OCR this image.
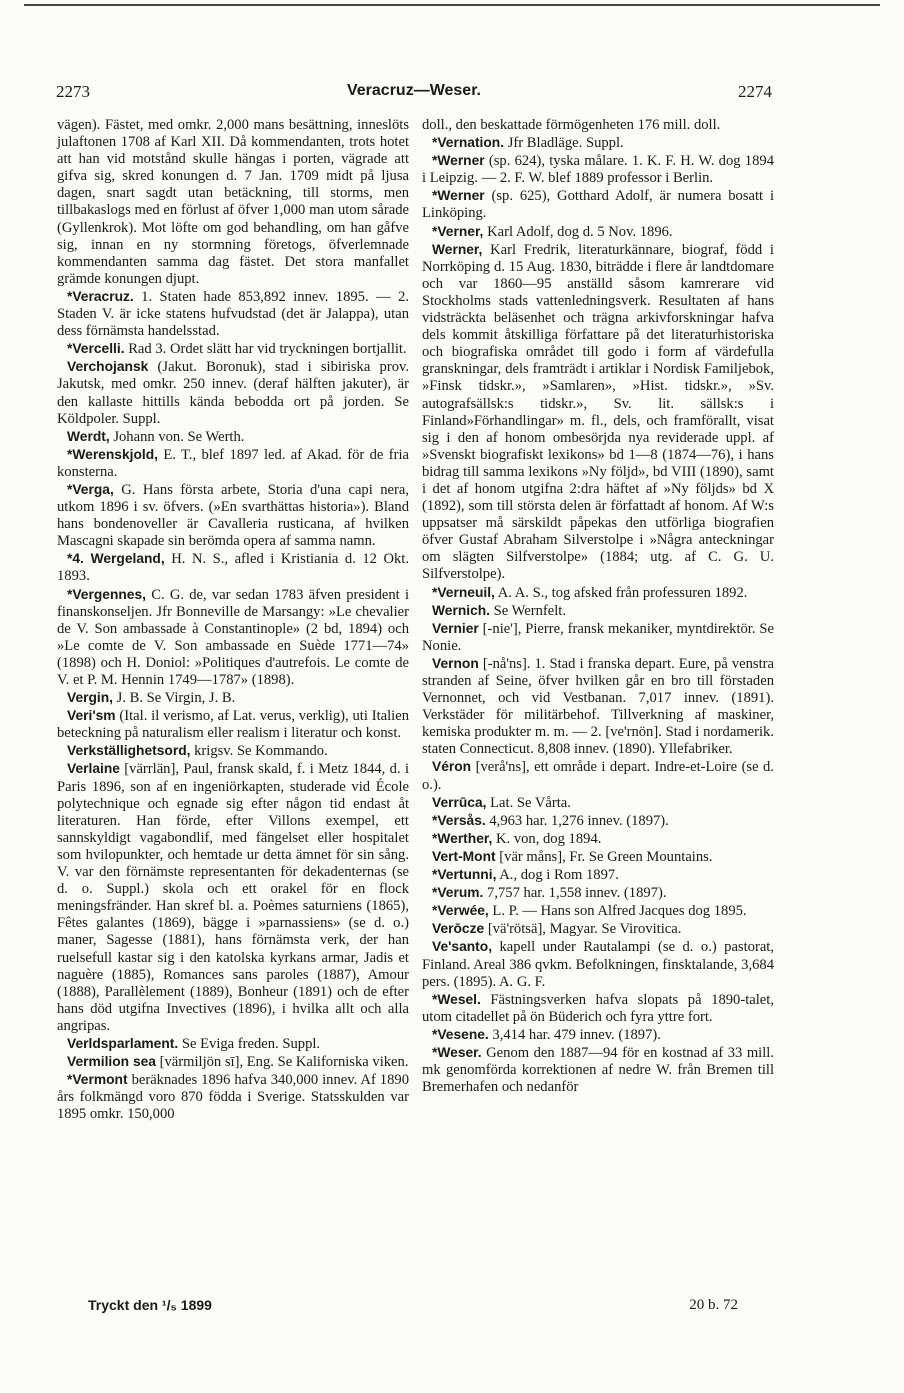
2273	Veracruz—Weser.	2274

vägen). Fästet, med omkr. 2,000 mans besättning, inneslöts julaftonen 1708 af Karl XII. Då kommendanten, trots hotet att han vid motstånd skulle hängas i porten, vägrade att gifva sig, skred konungen d. 7 Jan. 1709 midt på ljusa dagen, snart sagdt utan betäckning, till storms, men tillbakaslogs med en förlust af öfver 1,000 man utom sårade (Gyllenkrok). Mot löfte om god behandling, om han gåfve sig, innan en ny stormning företogs, öfverlemnade kommendanten samma dag fästet. Det stora manfallet grämde konungen djupt.

*Veracruz. 1. Staten hade 853,892 innev. 1895. — 2. Staden V. är icke statens hufvudstad (det är Jalappa), utan dess förnämsta handelsstad.

*Vercelli. Rad 3. Ordet slätt har vid tryckningen bortjallit.

Verchojansk (Jakut. Boronuk), stad i sibiriska prov. Jakutsk, med omkr. 250 innev. (deraf hälften jakuter), är den kallaste hittills kända bebodda ort på jorden. Se Köldpoler. Suppl.

Werdt, Johann von. Se Werth.

*Werenskjold, E. T., blef 1897 led. af Akad. för de fria konsterna.

*Verga, G. Hans första arbete, Storia d'una capi nera, utkom 1896 i sv. öfvers. (»En svarthättas historia»). Bland hans bondenoveller är Cavalleria rusticana, af hvilken Mascagni skapade sin berömda opera af samma namn.

*4. Wergeland, H. N. S., afled i Kristiania d. 12 Okt. 1893.

*Vergennes, C. G. de, var sedan 1783 äfven president i finanskonseljen. Jfr Bonneville de Marsangy: »Le chevalier de V. Son ambassade à Constantinople» (2 bd, 1894) och »Le comte de V. Son ambassade en Suède 1771—74» (1898) och H. Doniol: »Politiques d'autrefois. Le comte de V. et P. M. Hennin 1749—1787» (1898).

Vergin, J. B. Se Virgin, J. B.

Veri'sm (Ital. il verismo, af Lat. verus, verklig), uti Italien beteckning på naturalism eller realism i literatur och konst.

Verkställighetsord, krigsv. Se Kommando.

Verlaine [värrlän], Paul, fransk skald, f. i Metz 1844, d. i Paris 1896, son af en ingeniörkapten, studerade vid École polytechnique och egnade sig efter någon tid endast åt literaturen. Han förde, efter Villons exempel, ett sannskyldigt vagabondlif, med fängelset eller hospitalet som hvilopunkter, och hemtade ur detta ämnet för sin sång. V. var den förnämste representanten för dekadenternas (se d. o. Suppl.) skola och ett orakel för en flock meningsfränder. Han skref bl. a. Poèmes saturniens (1865), Fêtes galantes (1869), bägge i »parnassiens» (se d. o.) maner, Sagesse (1881), hans förnämsta verk, der han ruelsefull kastar sig i den katolska kyrkans armar, Jadis et naguère (1885), Romances sans paroles (1887), Amour (1888), Parallèlement (1889), Bonheur (1891) och de efter hans död utgifna Invectives (1896), i hvilka allt och alla angripas.

Verldsparlament. Se Eviga freden. Suppl.

Vermilion sea [värmiljön sī], Eng. Se Kaliforniska viken.

*Vermont beräknades 1896 hafva 340,000 innev. Af 1890 års folkmängd voro 870 födda i Sverige. Statsskulden var 1895 omkr. 150,000

doll., den beskattade förmögenheten 176 mill. doll.

*Vernation. Jfr Bladläge. Suppl.

*Werner (sp. 624), tyska målare. 1. K. F. H. W. dog 1894 i Leipzig. — 2. F. W. blef 1889 professor i Berlin.

*Werner (sp. 625), Gotthard Adolf, är numera bosatt i Linköping.

*Verner, Karl Adolf, dog d. 5 Nov. 1896.

Werner, Karl Fredrik, literaturkännare, biograf, född i Norrköping d. 15 Aug. 1830, biträdde i flere år landtdomare och var 1860—95 anställd såsom kamrerare vid Stockholms stads vattenledningsverk. Resultaten af hans vidsträckta beläsenhet och trägna arkivforskningar hafva dels kommit åtskilliga författare på det literaturhistoriska och biografiska området till godo i form af värdefulla granskningar, dels framträdt i artiklar i Nordisk Familjebok, »Finsk tidskr.», »Samlaren», »Hist. tidskr.», »Sv. autografsällsk:s tidskr.», Sv. lit. sällsk:s i Finland»Förhandlingar» m. fl., dels, och framförallt, visat sig i den af honom ombesörjda nya reviderade uppl. af »Svenskt biografiskt lexikons» bd 1—8 (1874—76), i hans bidrag till samma lexikons »Ny följd», bd VIII (1890), samt i det af honom utgifna 2:dra häftet af »Ny följds» bd X (1892), som till största delen är författadt af honom. Af W:s uppsatser må särskildt påpekas den utförliga biografien öfver Gustaf Abraham Silverstolpe i »Några anteckningar om slägten Silfverstolpe» (1884; utg. af C. G. U. Silfverstolpe).

*Verneuil, A. A. S., tog afsked från professuren 1892.

Wernich. Se Wernfelt.

Vernier [-nie'], Pierre, fransk mekaniker, myntdirektör. Se Nonie.

Vernon [-nå'ns]. 1. Stad i franska depart. Eure, på venstra stranden af Seine, öfver hvilken går en bro till förstaden Vernonnet, och vid Vestbanan. 7,017 innev. (1891). Verkstäder för militärbehof. Tillverkning af maskiner, kemiska produkter m. m. — 2. [ve'rnön]. Stad i nordamerik. staten Connecticut. 8,808 innev. (1890). Yllefabriker.

Véron [verå'ns], ett område i depart. Indre-et-Loire (se d. o.).

Verrūca, Lat. Se Vårta.

*Versås. 4,963 har. 1,276 innev. (1897).

*Werther, K. von, dog 1894.

Vert-Mont [vär måns], Fr. Se Green Mountains.

*Vertunni, A., dog i Rom 1897.

*Verum. 7,757 har. 1,558 innev. (1897).

*Verwée, L. P. — Hans son Alfred Jacques dog 1895.

Verōcze [vä'rötsä], Magyar. Se Virovitica.

Ve'santo, kapell under Rautalampi (se d. o.) pastorat, Finland. Areal 386 qvkm. Befolkningen, finsktalande, 3,684 pers. (1895). A. G. F.

*Wesel. Fästningsverken hafva slopats på 1890-talet, utom citadellet på ön Büderich och fyra yttre fort.

*Vesene. 3,414 har. 479 innev. (1897).

*Weser. Genom den 1887—94 för en kostnad af 33 mill. mk genomförda korrektionen af nedre W. från Bremen till Bremerhafen och nedanför

Tryckt den ¹/₅ 1899	20 b. 72
